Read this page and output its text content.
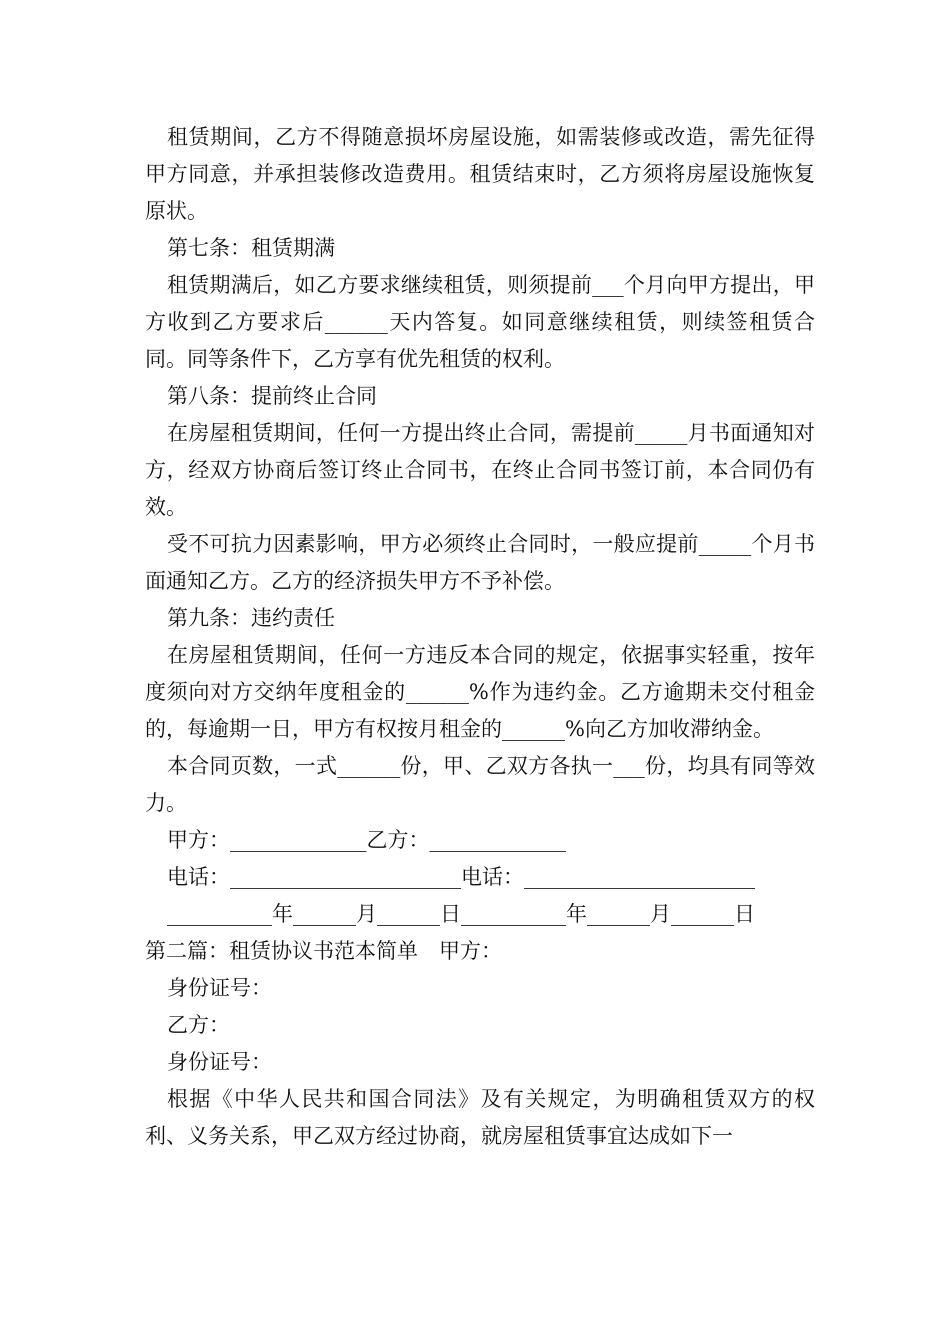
租赁期间，乙方不得随意损坏房屋设施，如需装修或改造，需先征得甲方同意，并承担装修改造费用。租赁结束时，乙方须将房屋设施恢复原状。

第七条：租赁期满

租赁期满后，如乙方要求继续租赁，则须提前___个月向甲方提出，甲方收到乙方要求后______天内答复。如同意继续租赁，则续签租赁合同。同等条件下，乙方享有优先租赁的权利。

第八条：提前终止合同

在房屋租赁期间，任何一方提出终止合同，需提前_____月书面通知对方，经双方协商后签订终止合同书，在终止合同书签订前，本合同仍有效。

受不可抗力因素影响，甲方必须终止合同时，一般应提前_____个月书面通知乙方。乙方的经济损失甲方不予补偿。

第九条：违约责任

在房屋租赁期间，任何一方违反本合同的规定，依据事实轻重，按年度须向对方交纳年度租金的______%作为违约金。乙方逾期未交付租金的，每逾期一日，甲方有权按月租金的______%向乙方加收滞纳金。

本合同页数，一式______份，甲、乙双方各执一___份，均具有同等效力。

甲方：_____________乙方：_____________

电话：______________________电话：______________________

__________年______月______日__________年______月______日

第二篇：租赁协议书范本简单　甲方：

身份证号：

乙方：

身份证号：

根据《中华人民共和国合同法》及有关规定，为明确租赁双方的权利、义务关系，甲乙双方经过协商，就房屋租赁事宜达成如下一
